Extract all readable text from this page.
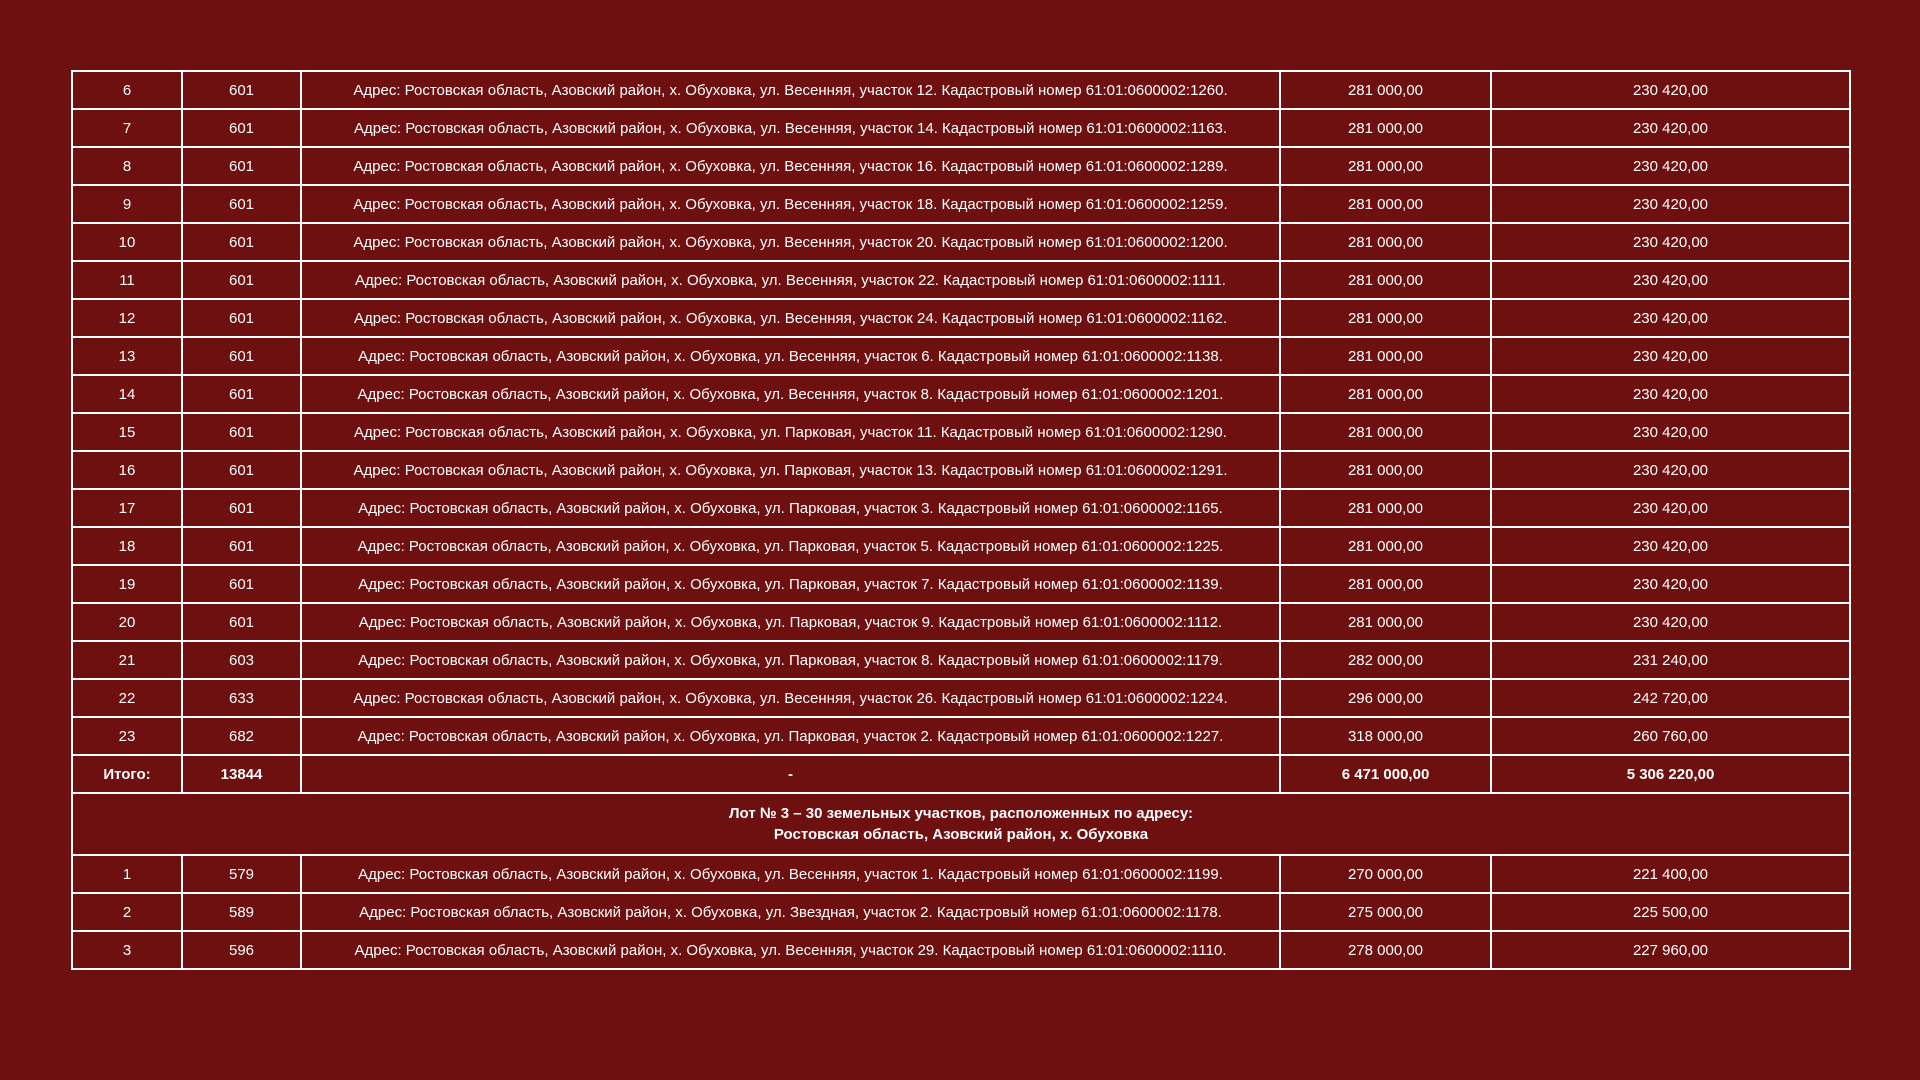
6	601	Адрес: Ростовская область, Азовский район, х. Обуховка, ул. Весенняя, участок 12. Кадастровый номер 61:01:0600002:1260.	281 000,00	230 420,00
7	601	Адрес: Ростовская область, Азовский район, х. Обуховка, ул. Весенняя, участок 14. Кадастровый номер 61:01:0600002:1163.	281 000,00	230 420,00
8	601	Адрес: Ростовская область, Азовский район, х. Обуховка, ул. Весенняя, участок 16. Кадастровый номер 61:01:0600002:1289.	281 000,00	230 420,00
9	601	Адрес: Ростовская область, Азовский район, х. Обуховка, ул. Весенняя, участок 18. Кадастровый номер 61:01:0600002:1259.	281 000,00	230 420,00
10	601	Адрес: Ростовская область, Азовский район, х. Обуховка, ул. Весенняя, участок 20. Кадастровый номер 61:01:0600002:1200.	281 000,00	230 420,00
11	601	Адрес: Ростовская область, Азовский район, х. Обуховка, ул. Весенняя, участок 22. Кадастровый номер 61:01:0600002:1111.	281 000,00	230 420,00
12	601	Адрес: Ростовская область, Азовский район, х. Обуховка, ул. Весенняя, участок 24. Кадастровый номер 61:01:0600002:1162.	281 000,00	230 420,00
13	601	Адрес: Ростовская область, Азовский район, х. Обуховка, ул. Весенняя, участок 6. Кадастровый номер 61:01:0600002:1138.	281 000,00	230 420,00
14	601	Адрес: Ростовская область, Азовский район, х. Обуховка, ул. Весенняя, участок 8. Кадастровый номер 61:01:0600002:1201.	281 000,00	230 420,00
15	601	Адрес: Ростовская область, Азовский район, х. Обуховка, ул. Парковая, участок 11. Кадастровый номер 61:01:0600002:1290.	281 000,00	230 420,00
16	601	Адрес: Ростовская область, Азовский район, х. Обуховка, ул. Парковая, участок 13. Кадастровый номер 61:01:0600002:1291.	281 000,00	230 420,00
17	601	Адрес: Ростовская область, Азовский район, х. Обуховка, ул. Парковая, участок 3. Кадастровый номер 61:01:0600002:1165.	281 000,00	230 420,00
18	601	Адрес: Ростовская область, Азовский район, х. Обуховка, ул. Парковая, участок 5. Кадастровый номер 61:01:0600002:1225.	281 000,00	230 420,00
19	601	Адрес: Ростовская область, Азовский район, х. Обуховка, ул. Парковая, участок 7. Кадастровый номер 61:01:0600002:1139.	281 000,00	230 420,00
20	601	Адрес: Ростовская область, Азовский район, х. Обуховка, ул. Парковая, участок 9. Кадастровый номер 61:01:0600002:1112.	281 000,00	230 420,00
21	603	Адрес: Ростовская область, Азовский район, х. Обуховка, ул. Парковая, участок 8. Кадастровый номер 61:01:0600002:1179.	282 000,00	231 240,00
22	633	Адрес: Ростовская область, Азовский район, х. Обуховка, ул. Весенняя, участок 26. Кадастровый номер 61:01:0600002:1224.	296 000,00	242 720,00
23	682	Адрес: Ростовская область, Азовский район, х. Обуховка, ул. Парковая, участок 2. Кадастровый номер 61:01:0600002:1227.	318 000,00	260 760,00
Итого:	13844	-	6 471 000,00	5 306 220,00
Лот № 3 – 30 земельных участков, расположенных по адресу:
Ростовская область, Азовский район, х. Обуховка				
1	579	Адрес: Ростовская область, Азовский район, х. Обуховка, ул. Весенняя, участок 1. Кадастровый номер 61:01:0600002:1199.	270 000,00	221 400,00
2	589	Адрес: Ростовская область, Азовский район, х. Обуховка, ул. Звездная, участок 2. Кадастровый номер 61:01:0600002:1178.	275 000,00	225 500,00
3	596	Адрес: Ростовская область, Азовский район, х. Обуховка, ул. Весенняя, участок 29. Кадастровый номер 61:01:0600002:1110.	278 000,00	227 960,00
